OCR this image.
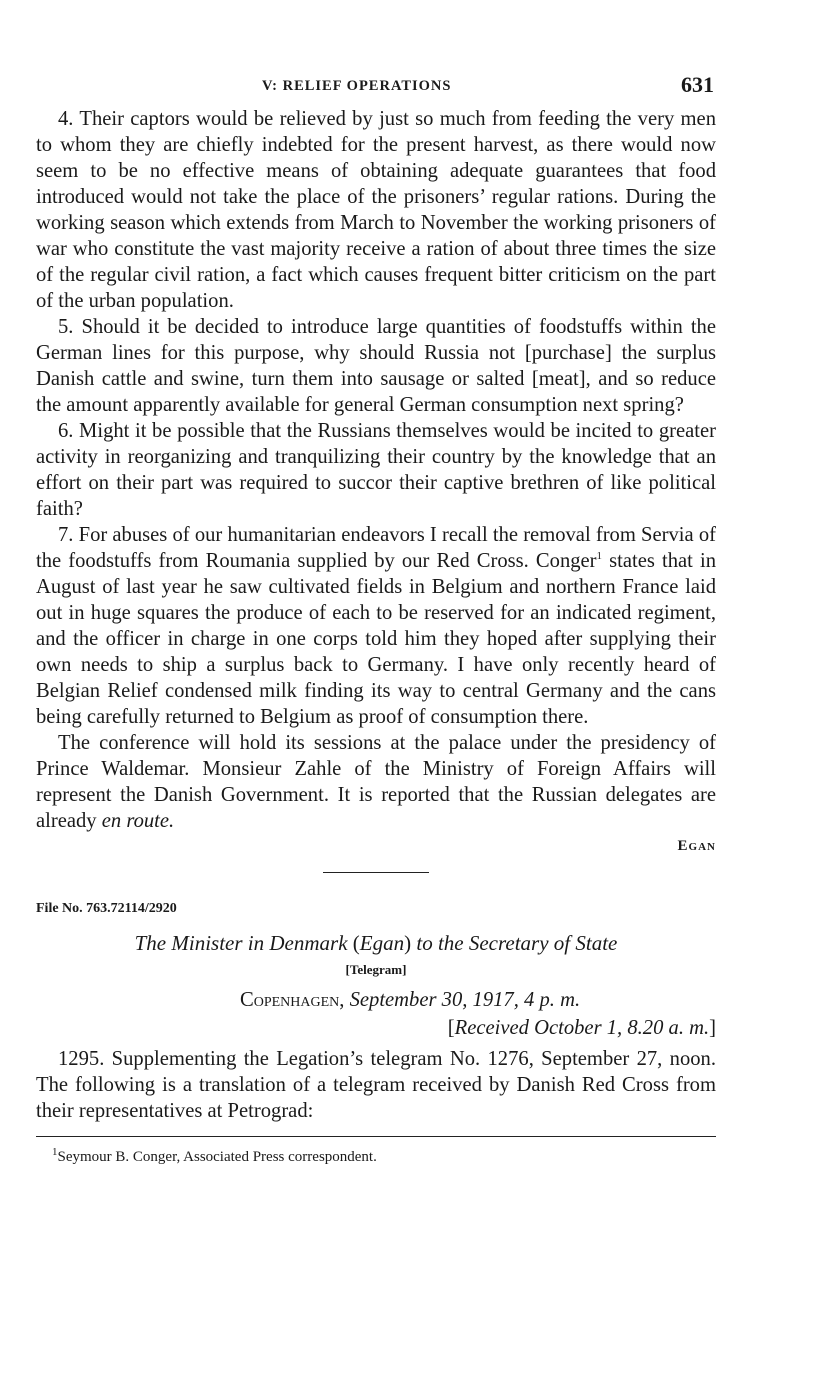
V: RELIEF OPERATIONS	631

4. Their captors would be relieved by just so much from feeding the very men to whom they are chiefly indebted for the present harvest, as there would now seem to be no effective means of obtaining adequate guarantees that food introduced would not take the place of the prisoners’ regular rations. During the working season which extends from March to November the working prisoners of war who constitute the vast majority receive a ration of about three times the size of the regular civil ration, a fact which causes frequent bitter criticism on the part of the urban population.

5. Should it be decided to introduce large quantities of foodstuffs within the German lines for this purpose, why should Russia not [purchase] the surplus Danish cattle and swine, turn them into sausage or salted [meat], and so reduce the amount apparently available for general German consumption next spring?

6. Might it be possible that the Russians themselves would be incited to greater activity in reorganizing and tranquilizing their country by the knowledge that an effort on their part was required to succor their captive brethren of like political faith?

7. For abuses of our humanitarian endeavors I recall the removal from Servia of the foodstuffs from Roumania supplied by our Red Cross. Conger$^1$ states that in August of last year he saw cultivated fields in Belgium and northern France laid out in huge squares the produce of each to be reserved for an indicated regiment, and the officer in charge in one corps told him they hoped after supplying their own needs to ship a surplus back to Germany. I have only recently heard of Belgian Relief condensed milk finding its way to central Germany and the cans being carefully returned to Belgium as proof of consumption there.

The conference will hold its sessions at the palace under the presidency of Prince Waldemar. Monsieur Zahle of the Ministry of Foreign Affairs will represent the Danish Government. It is reported that the Russian delegates are already en route.

Egan
File No. 763.72114/2920
The Minister in Denmark (Egan) to the Secretary of State
[Telegram]
Copenhagen, September 30, 1917, 4 p. m.
[Received October 1, 8.20 a. m.]

1295. Supplementing the Legation’s telegram No. 1276, September 27, noon. The following is a translation of a telegram received by Danish Red Cross from their representatives at Petrograd:

$^1$Seymour B. Conger, Associated Press correspondent.
